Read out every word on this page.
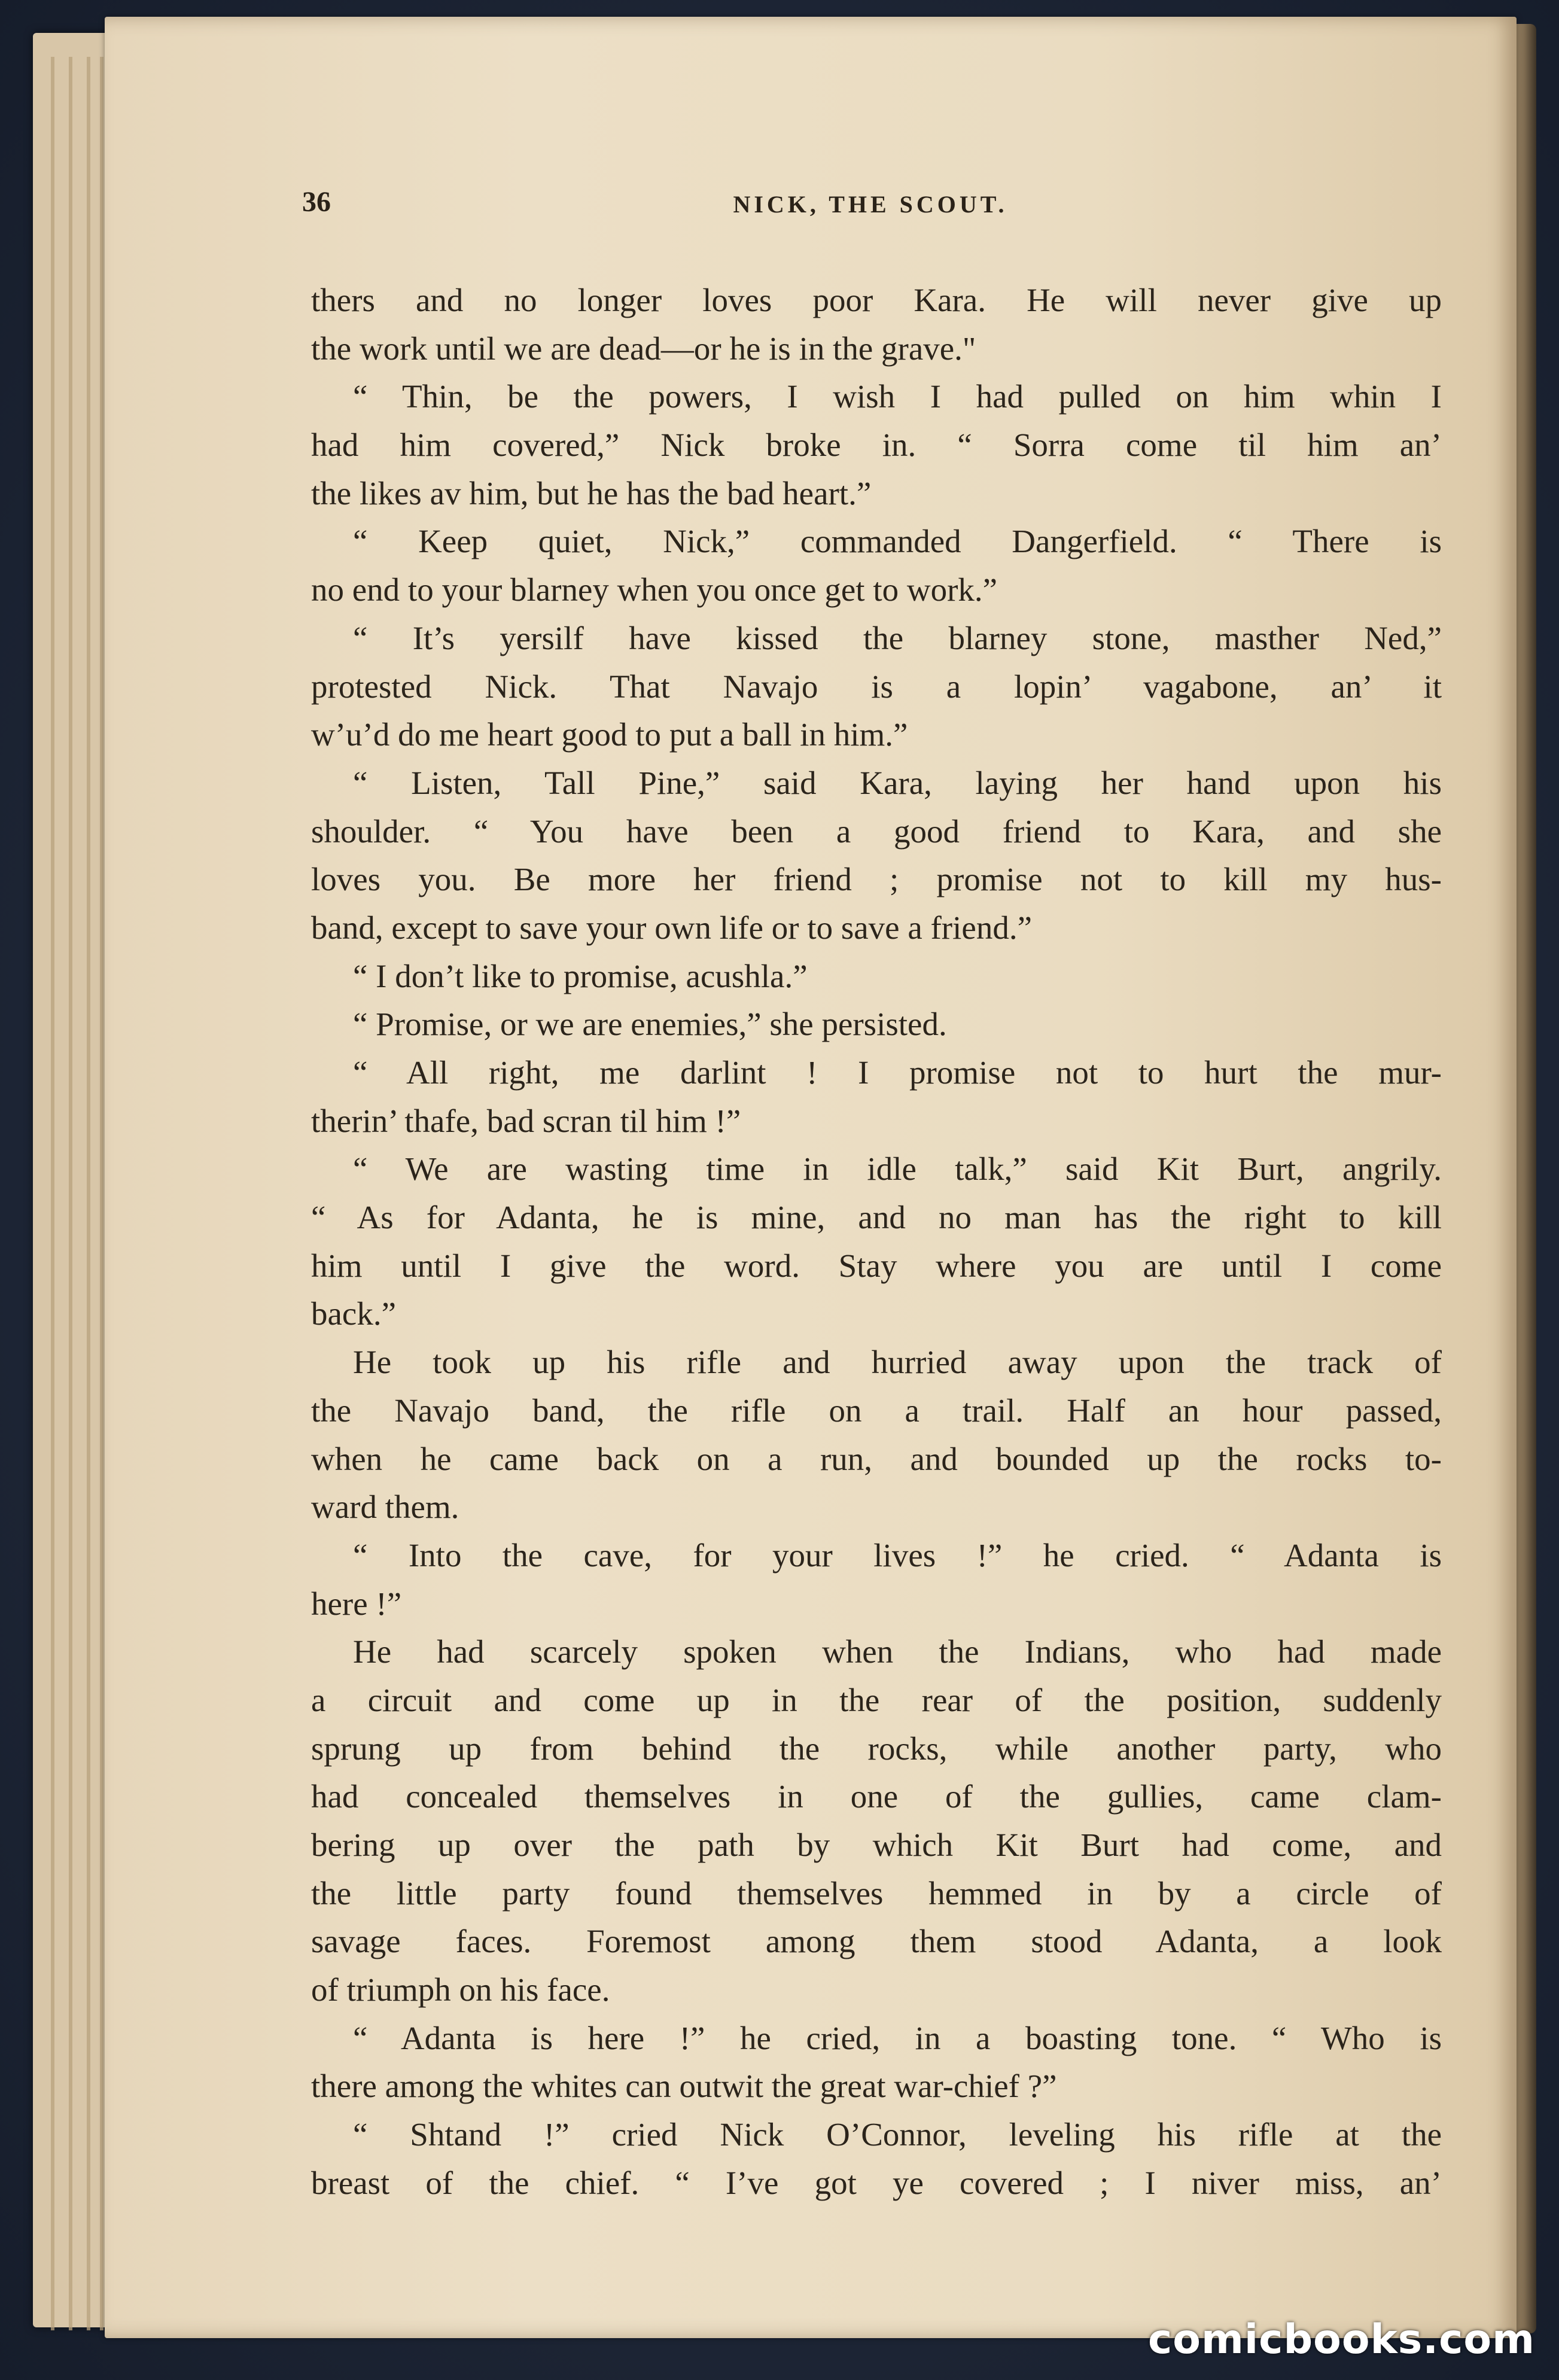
36	NICK, THE SCOUT.
thers and no longer loves poor Kara. He will never give up
the work until we are dead—or he is in the grave."
“ Thin, be the powers, I wish I had pulled on him whin I
had him covered,” Nick broke in. “ Sorra come til him an’
the likes av him, but he has the bad heart.”
“ Keep quiet, Nick,” commanded Dangerfield. “ There is
no end to your blarney when you once get to work.”
“ It’s yersilf have kissed the blarney stone, masther Ned,”
protested Nick. That Navajo is a lopin’ vagabone, an’ it
w’u’d do me heart good to put a ball in him.”
“ Listen, Tall Pine,” said Kara, laying her hand upon his
shoulder. “ You have been a good friend to Kara, and she
loves you. Be more her friend ; promise not to kill my hus-
band, except to save your own life or to save a friend.”
“ I don’t like to promise, acushla.”
“ Promise, or we are enemies,” she persisted.
“ All right, me darlint ! I promise not to hurt the mur-
therin’ thafe, bad scran til him !”
“ We are wasting time in idle talk,” said Kit Burt, angrily.
“ As for Adanta, he is mine, and no man has the right to kill
him until I give the word. Stay where you are until I come
back.”
He took up his rifle and hurried away upon the track of
the Navajo band, the rifle on a trail. Half an hour passed,
when he came back on a run, and bounded up the rocks to-
ward them.
“ Into the cave, for your lives !” he cried. “ Adanta is
here !”
He had scarcely spoken when the Indians, who had made
a circuit and come up in the rear of the position, suddenly
sprung up from behind the rocks, while another party, who
had concealed themselves in one of the gullies, came clam-
bering up over the path by which Kit Burt had come, and
the little party found themselves hemmed in by a circle of
savage faces. Foremost among them stood Adanta, a look
of triumph on his face.
“ Adanta is here !” he cried, in a boasting tone. “ Who is
there among the whites can outwit the great war-chief ?”
“ Shtand !” cried Nick O’Connor, leveling his rifle at the
breast of the chief. “ I’ve got ye covered ; I niver miss, an’
comicbooks.com
